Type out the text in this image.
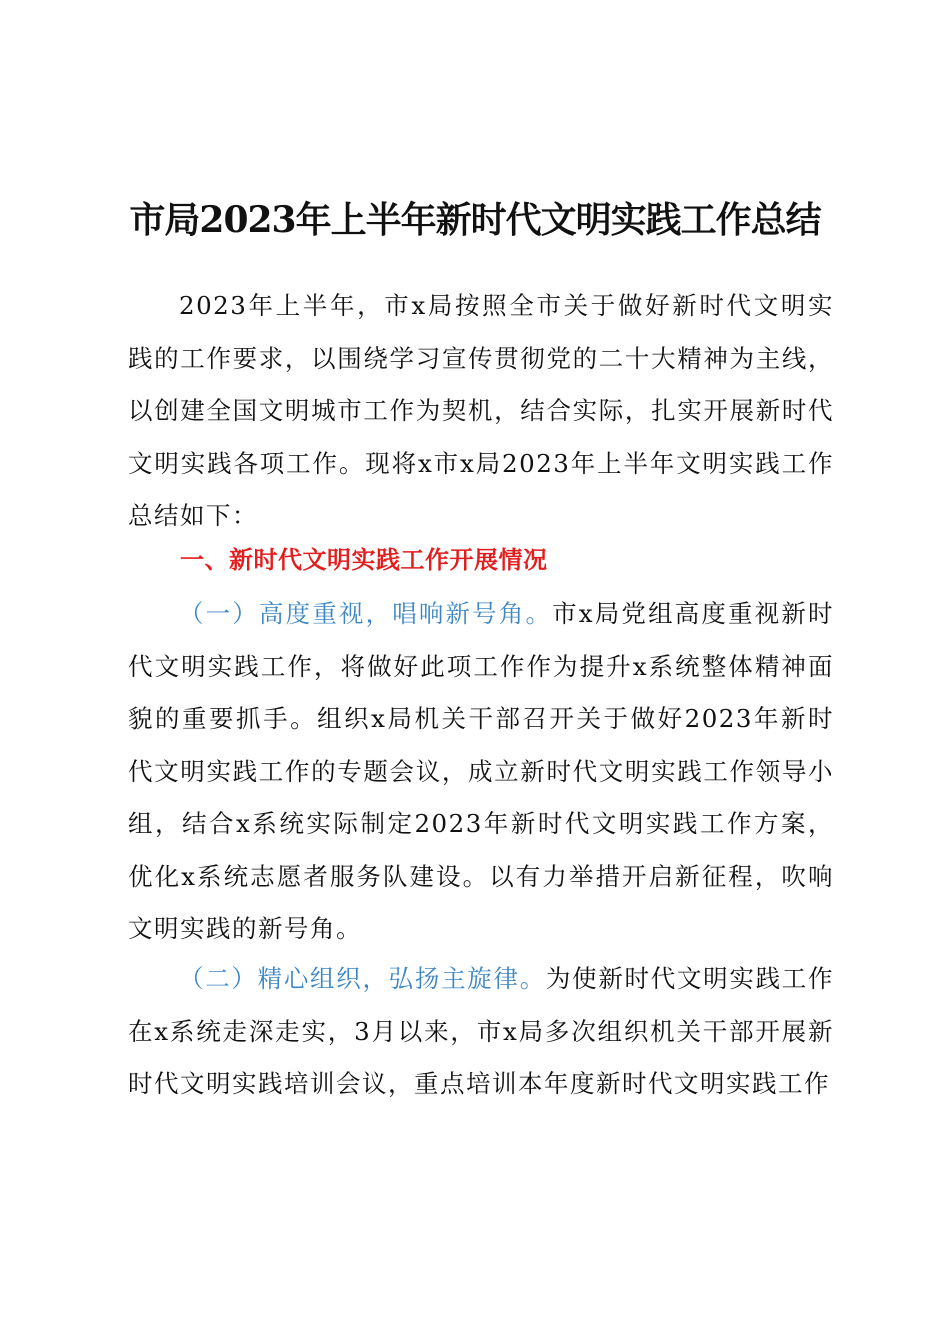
市局2023年上半年新时代文明实践工作总结

2023年上半年，市x局按照全市关于做好新时代文明实践的工作要求，以围绕学习宣传贯彻党的二十大精神为主线，以创建全国文明城市工作为契机，结合实际，扎实开展新时代文明实践各项工作。现将x市x局2023年上半年文明实践工作总结如下：

一、新时代文明实践工作开展情况

（一）高度重视，唱响新号角。市x局党组高度重视新时代文明实践工作，将做好此项工作作为提升x系统整体精神面貌的重要抓手。组织x局机关干部召开关于做好2023年新时代文明实践工作的专题会议，成立新时代文明实践工作领导小组，结合x系统实际制定2023年新时代文明实践工作方案，优化x系统志愿者服务队建设。以有力举措开启新征程，吹响文明实践的新号角。

（二）精心组织，弘扬主旋律。为使新时代文明实践工作在x系统走深走实，3月以来，市x局多次组织机关干部开展新时代文明实践培训会议，重点培训本年度新时代文明实践工作
